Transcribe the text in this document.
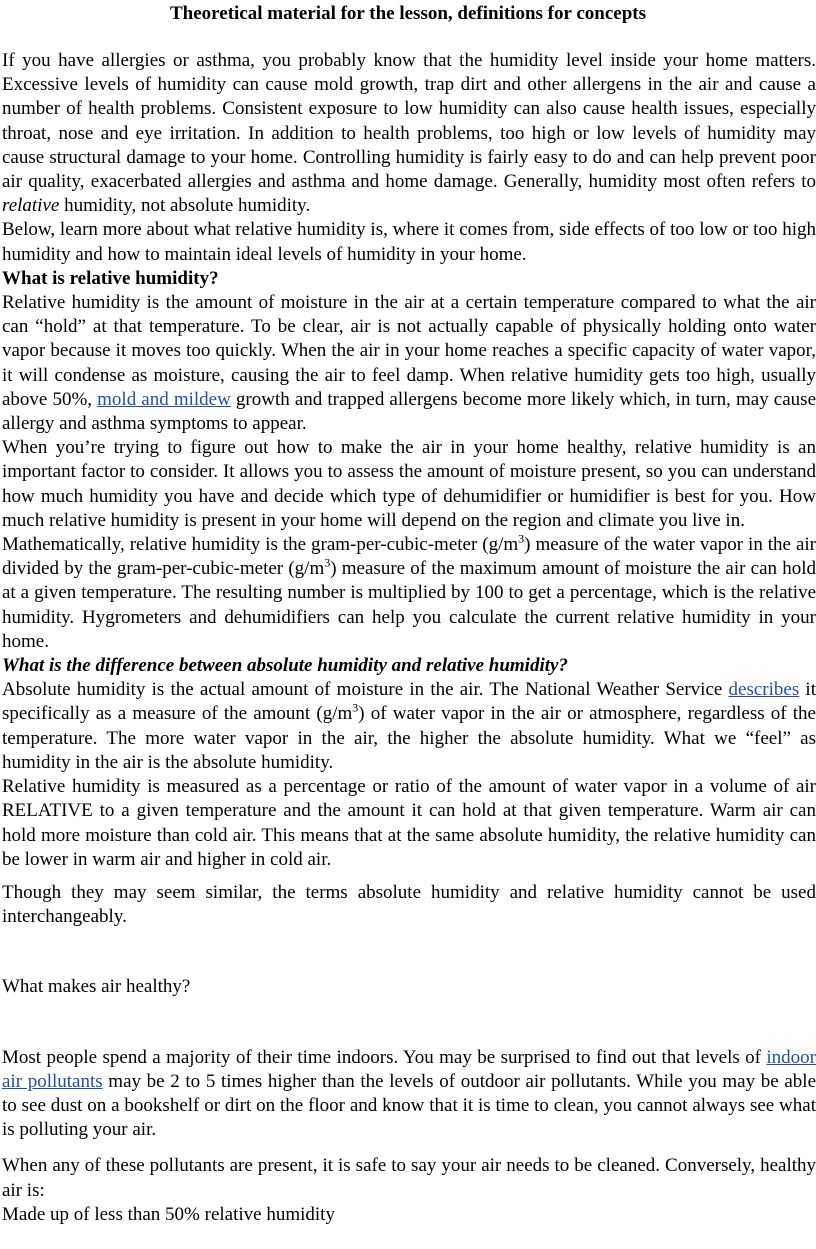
Theoretical material for the lesson, definitions for concepts

If you have allergies or asthma, you probably know that the humidity level inside your home matters. Excessive levels of humidity can cause mold growth, trap dirt and other allergens in the air and cause a number of health problems. Consistent exposure to low humidity can also cause health issues, especially throat, nose and eye irritation. In addition to health problems, too high or low levels of humidity may cause structural damage to your home. Controlling humidity is fairly easy to do and can help prevent poor air quality, exacerbated allergies and asthma and home damage. Generally, humidity most often refers to relative humidity, not absolute humidity.

Below, learn more about what relative humidity is, where it comes from, side effects of too low or too high humidity and how to maintain ideal levels of humidity in your home.

What is relative humidity?

Relative humidity is the amount of moisture in the air at a certain temperature compared to what the air can “hold” at that temperature. To be clear, air is not actually capable of physically holding onto water vapor because it moves too quickly. When the air in your home reaches a specific capacity of water vapor, it will condense as moisture, causing the air to feel damp. When relative humidity gets too high, usually above 50%, mold and mildew growth and trapped allergens become more likely which, in turn, may cause allergy and asthma symptoms to appear.

When you’re trying to figure out how to make the air in your home healthy, relative humidity is an important factor to consider. It allows you to assess the amount of moisture present, so you can understand how much humidity you have and decide which type of dehumidifier or humidifier is best for you. How much relative humidity is present in your home will depend on the region and climate you live in.

Mathematically, relative humidity is the gram-per-cubic-meter $(g/m^3)$ measure of the water vapor in the air divided by the gram-per-cubic-meter $(g/m^3)$ measure of the maximum amount of moisture the air can hold at a given temperature. The resulting number is multiplied by 100 to get a percentage, which is the relative humidity. Hygrometers and dehumidifiers can help you calculate the current relative humidity in your home.

What is the difference between absolute humidity and relative humidity?

Absolute humidity is the actual amount of moisture in the air. The National Weather Service describes it specifically as a measure of the amount $(g/m^3)$ of water vapor in the air or atmosphere, regardless of the temperature. The more water vapor in the air, the higher the absolute humidity. What we “feel” as humidity in the air is the absolute humidity.

Relative humidity is measured as a percentage or ratio of the amount of water vapor in a volume of air RELATIVE to a given temperature and the amount it can hold at that given temperature. Warm air can hold more moisture than cold air. This means that at the same absolute humidity, the relative humidity can be lower in warm air and higher in cold air.

Though they may seem similar, the terms absolute humidity and relative humidity cannot be used interchangeably.

What makes air healthy?

Most people spend a majority of their time indoors. You may be surprised to find out that levels of indoor air pollutants may be 2 to 5 times higher than the levels of outdoor air pollutants. While you may be able to see dust on a bookshelf or dirt on the floor and know that it is time to clean, you cannot always see what is polluting your air.

When any of these pollutants are present, it is safe to say your air needs to be cleaned. Conversely, healthy air is:

Made up of less than 50% relative humidity
